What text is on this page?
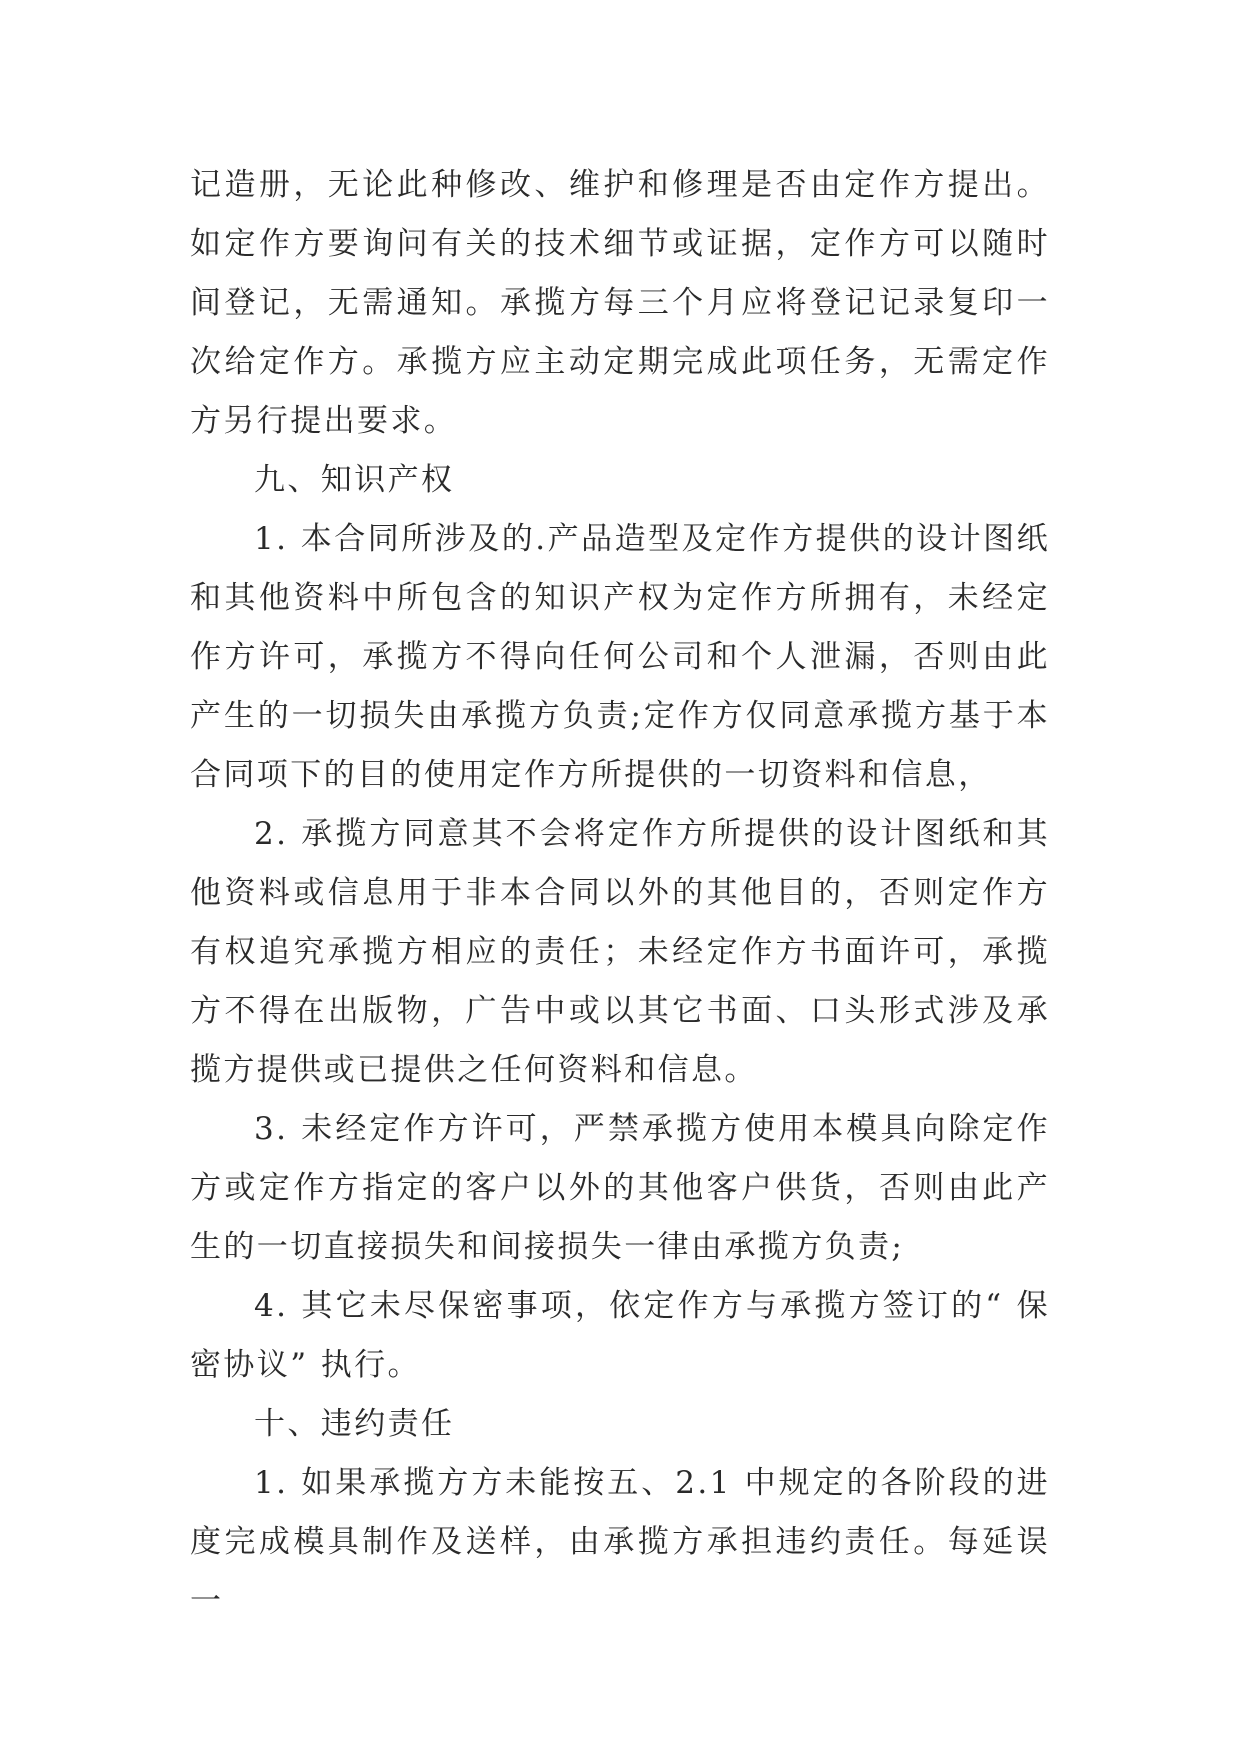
记造册，无论此种修改、维护和修理是否由定作方提出。如定作方要询问有关的技术细节或证据，定作方可以随时间登记，无需通知。承揽方每三个月应将登记记录复印一次给定作方。承揽方应主动定期完成此项任务，无需定作方另行提出要求。

九、知识产权

1. 本合同所涉及的.产品造型及定作方提供的设计图纸和其他资料中所包含的知识产权为定作方所拥有，未经定作方许可，承揽方不得向任何公司和个人泄漏，否则由此产生的一切损失由承揽方负责;定作方仅同意承揽方基于本合同项下的目的使用定作方所提供的一切资料和信息，

2. 承揽方同意其不会将定作方所提供的设计图纸和其他资料或信息用于非本合同以外的其他目的，否则定作方有权追究承揽方相应的责任；未经定作方书面许可，承揽方不得在出版物，广告中或以其它书面、口头形式涉及承揽方提供或已提供之任何资料和信息。

3. 未经定作方许可，严禁承揽方使用本模具向除定作方或定作方指定的客户以外的其他客户供货，否则由此产生的一切直接损失和间接损失一律由承揽方负责;

4. 其它未尽保密事项，依定作方与承揽方签订的“ 保密协议” 执行。

十、违约责任

1. 如果承揽方方未能按五、2.1 中规定的各阶段的进度完成模具制作及送样，由承揽方承担违约责任。每延误一
